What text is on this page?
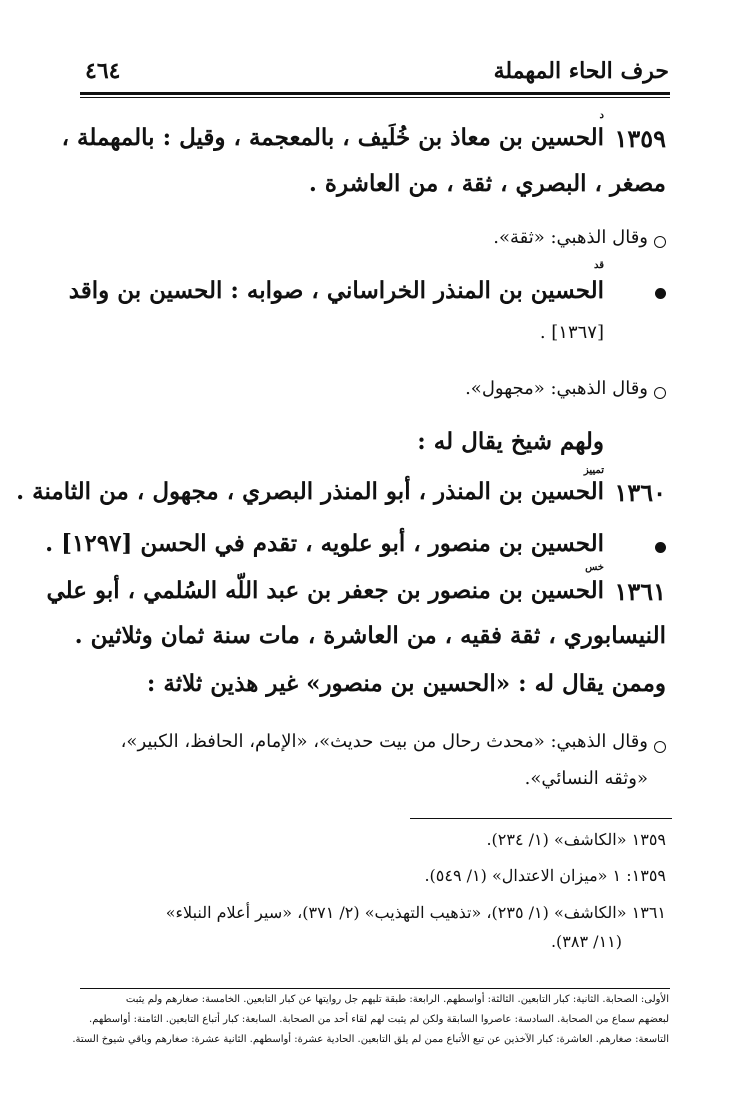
حرف الحاء المهملة
٤٦٤
د
١٣٥٩
الحسين بن معاذ بن خُلَيف ، بالمعجمة ، وقيل : بالمهملة ،
مصغر ، البصري ، ثقة ، من العاشرة .
وقال الذهبي: «ثقة».
قد
الحسين بن المنذر الخراساني ، صوابه : الحسين بن واقد
[١٣٦٧] .
وقال الذهبي: «مجهول».
ولهم شيخ يقال له :
تمييز
١٣٦٠
الحسين بن المنذر ، أبو المنذر البصري ، مجهول ، من الثامنة .
الحسين بن منصور ، أبو علويه ، تقدم في الحسن [١٢٩٧] .
خس
١٣٦١
الحسين بن منصور بن جعفر بن عبد اللّه السُلمي ، أبو علي
النيسابوري ، ثقة فقيه ، من العاشرة ، مات سنة ثمان وثلاثين .
وممن يقال له : «الحسين بن منصور» غير هذين ثلاثة :
وقال الذهبي: «محدث رحال من بيت حديث»، «الإمام، الحافظ، الكبير»،
«وثقه النسائي».
١٣٥٩ «الكاشف» (١/ ٢٣٤).
١٣٥٩: ١ «ميزان الاعتدال» (١/ ٥٤٩).
١٣٦١ «الكاشف» (١/ ٢٣٥)، «تذهيب التهذيب» (٢/ ٣٧١)، «سير أعلام النبلاء»
(١١/ ٣٨٣).
الأولى: الصحابة. الثانية: كبار التابعين. الثالثة: أواسطهم. الرابعة: طبقة تليهم جل روايتها عن كبار التابعين. الخامسة: صغارهم ولم يثبت
لبعضهم سماع من الصحابة. السادسة: عاصروا السابقة ولكن لم يثبت لهم لقاء أحد من الصحابة. السابعة: كبار أتباع التابعين. الثامنة: أواسطهم.
التاسعة: صغارهم. العاشرة: كبار الآخذين عن تبع الأتباع ممن لم يلق التابعين. الحادية عشرة: أواسطهم. الثانية عشرة: صغارهم وباقي شيوخ الستة.
